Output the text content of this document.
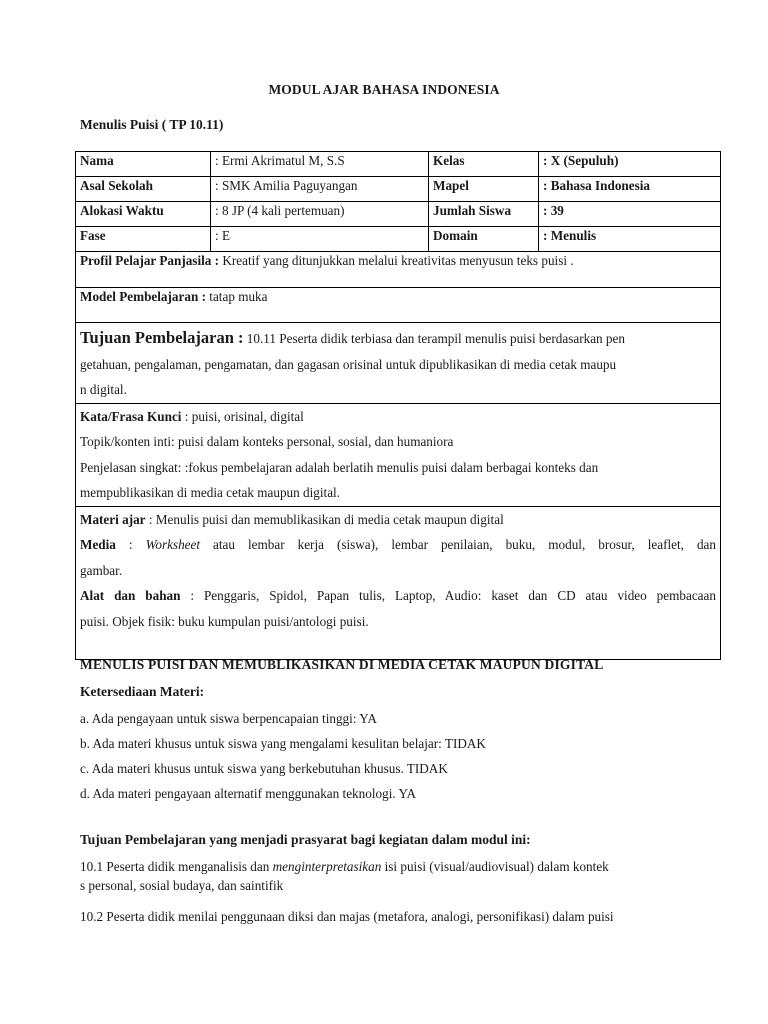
MODUL AJAR BAHASA INDONESIA
Menulis Puisi ( TP 10.11)
Nama	: Ermi Akrimatul M, S.S	Kelas	: X (Sepuluh)
Asal Sekolah	: SMK Amilia Paguyangan	Mapel	: Bahasa Indonesia
Alokasi Waktu	: 8 JP (4 kali pertemuan)	Jumlah Siswa	: 39
Fase	: E	Domain	: Menulis
Profil Pelajar Panjasila : Kreatif yang ditunjukkan melalui kreativitas menyusun teks puisi .			
Model Pembelajaran : tatap muka			

Tujuan Pembelajaran : 10.11 Peserta didik terbiasa dan terampil menulis puisi berdasarkan pen
getahuan, pengalaman, pengamatan, dan gagasan orisinal untuk dipublikasikan di media cetak maupu
n digital.			

Kata/Frasa Kunci : puisi, orisinal, digital
Topik/konten inti: puisi dalam konteks personal, sosial, dan humaniora
Penjelasan singkat: :fokus pembelajaran adalah berlatih menulis puisi dalam berbagai konteks dan
mempublikasikan di media cetak maupun digital.			

Materi ajar : Menulis puisi dan memublikasikan di media cetak maupun digital
Media : Worksheet atau lembar kerja (siswa), lembar penilaian, buku, modul, brosur, leaflet, dan
gambar.
Alat dan bahan : Penggaris, Spidol, Papan tulis, Laptop, Audio: kaset dan CD atau video pembacaan
puisi. Objek fisik: buku kumpulan puisi/antologi puisi.			
MENULIS PUISI DAN MEMUBLIKASIKAN DI MEDIA CETAK MAUPUN DIGITAL
Ketersediaan Materi:
a. Ada pengayaan untuk siswa berpencapaian tinggi: YA
b. Ada materi khusus untuk siswa yang mengalami kesulitan belajar: TIDAK
c. Ada materi khusus untuk siswa yang berkebutuhan khusus. TIDAK
d. Ada materi pengayaan alternatif menggunakan teknologi. YA
Tujuan Pembelajaran yang menjadi prasyarat bagi kegiatan dalam modul ini:

10.1 Peserta didik menganalisis dan menginterpretasikan isi puisi (visual/audiovisual) dalam kontek
s personal, sosial budaya, dan saintifik

10.2 Peserta didik menilai penggunaan diksi dan majas (metafora, analogi, personifikasi) dalam puisi
